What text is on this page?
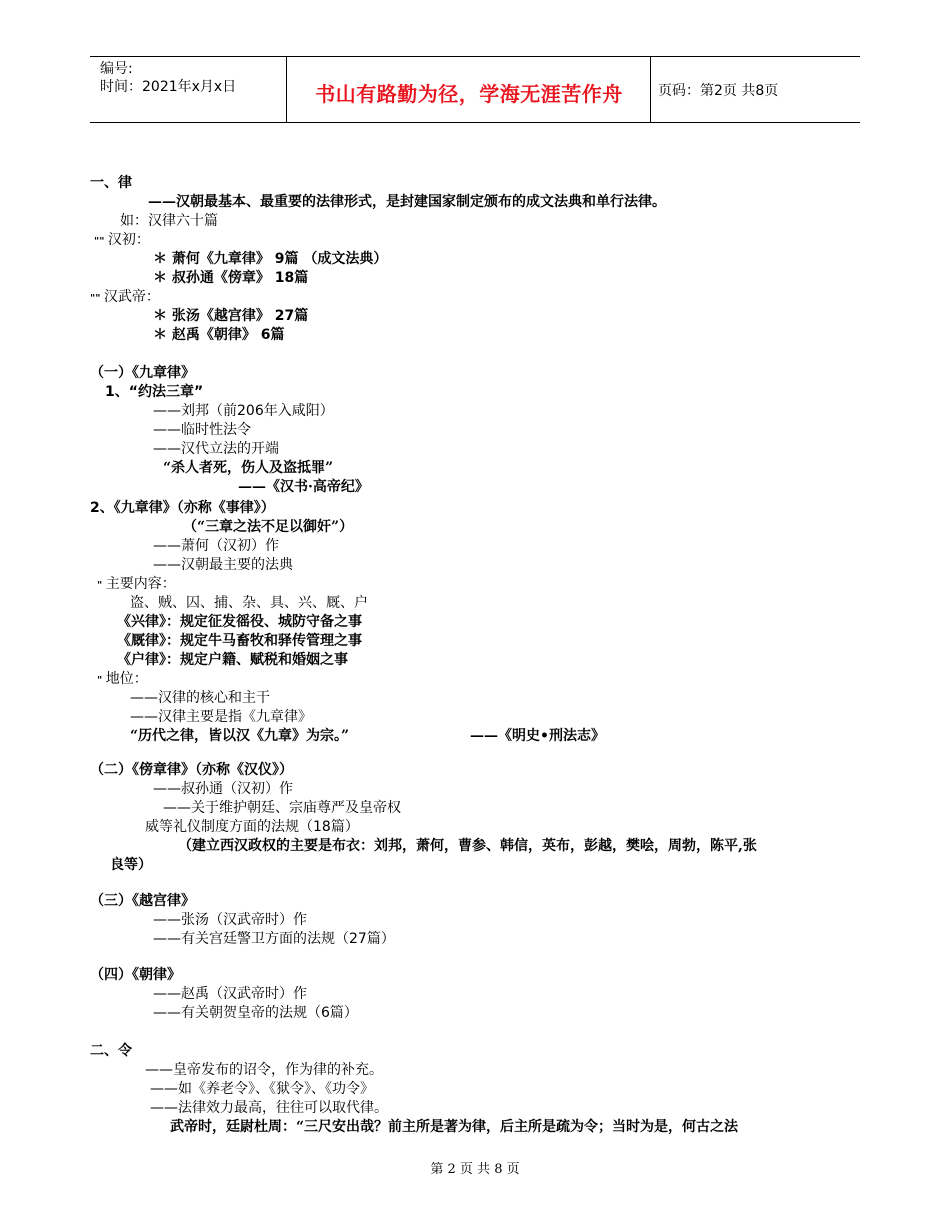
编号:
时间：2021年x月x日	书山有路勤为径，学海无涯苦作舟	页码：第2页 共8页
一、律
——汉朝最基本、最重要的法律形式，是封建国家制定颁布的成文法典和单行法律。
如：汉律六十篇
"" 汉初：
＊ 萧何《九章律》 9篇 （成文法典）
＊ 叔孙通《傍章》 18篇
"" 汉武帝：
＊ 张汤《越宫律》 27篇
＊ 赵禹《朝律》 6篇
（一）《九章律》
1、“约法三章”
——刘邦（前206年入咸阳）
——临时性法令
——汉代立法的开端
“杀人者死，伤人及盗抵罪”
——《汉书·高帝纪》
2、《九章律》（亦称《事律》）
（“三章之法不足以御奸”）
——萧何（汉初）作
——汉朝最主要的法典
" 主要内容：
盗、贼、囚、捕、杂、具、兴、厩、户
《兴律》：规定征发徭役、城防守备之事
《厩律》：规定牛马畜牧和驿传管理之事
《户律》：规定户籍、赋税和婚姻之事
" 地位：
——汉律的核心和主干
——汉律主要是指《九章律》
“历代之律，皆以汉《九章》为宗。”	——《明史•刑法志》
（二）《傍章律》（亦称《汉仪》）
——叔孙通（汉初）作
——关于维护朝廷、宗庙尊严及皇帝权
威等礼仪制度方面的法规（18篇）
（建立西汉政权的主要是布衣：刘邦，萧何，曹参、韩信，英布，彭越，樊哙，周勃，陈平,张
良等）
（三）《越宫律》
——张汤（汉武帝时）作
——有关宫廷警卫方面的法规（27篇）
（四）《朝律》
——赵禹（汉武帝时）作
——有关朝贺皇帝的法规（6篇）
二、令
——皇帝发布的诏令，作为律的补充。
——如《养老令》、《狱令》、《功令》
——法律效力最高，往往可以取代律。
武帝时，廷尉杜周：“三尺安出哉？前主所是著为律，后主所是疏为令；当时为是，何古之法
第 2 页 共 8 页
